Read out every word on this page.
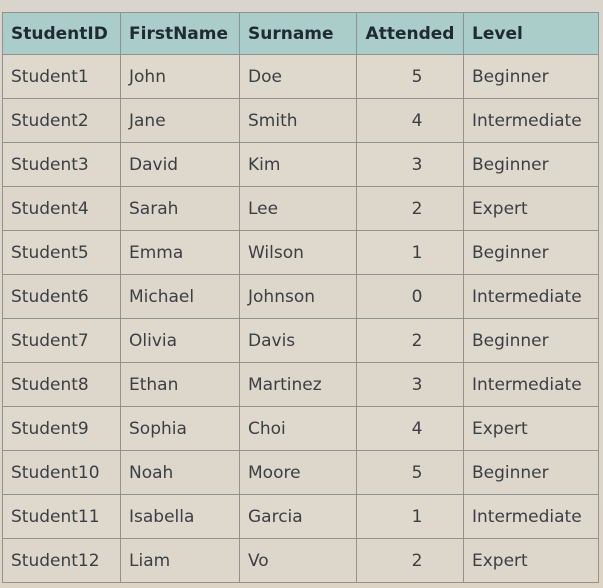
StudentID	FirstName	Surname	Attended	Level
Student1	John	Doe	5	Beginner
Student2	Jane	Smith	4	Intermediate
Student3	David	Kim	3	Beginner
Student4	Sarah	Lee	2	Expert
Student5	Emma	Wilson	1	Beginner
Student6	Michael	Johnson	0	Intermediate
Student7	Olivia	Davis	2	Beginner
Student8	Ethan	Martinez	3	Intermediate
Student9	Sophia	Choi	4	Expert
Student10	Noah	Moore	5	Beginner
Student11	Isabella	Garcia	1	Intermediate
Student12	Liam	Vo	2	Expert
